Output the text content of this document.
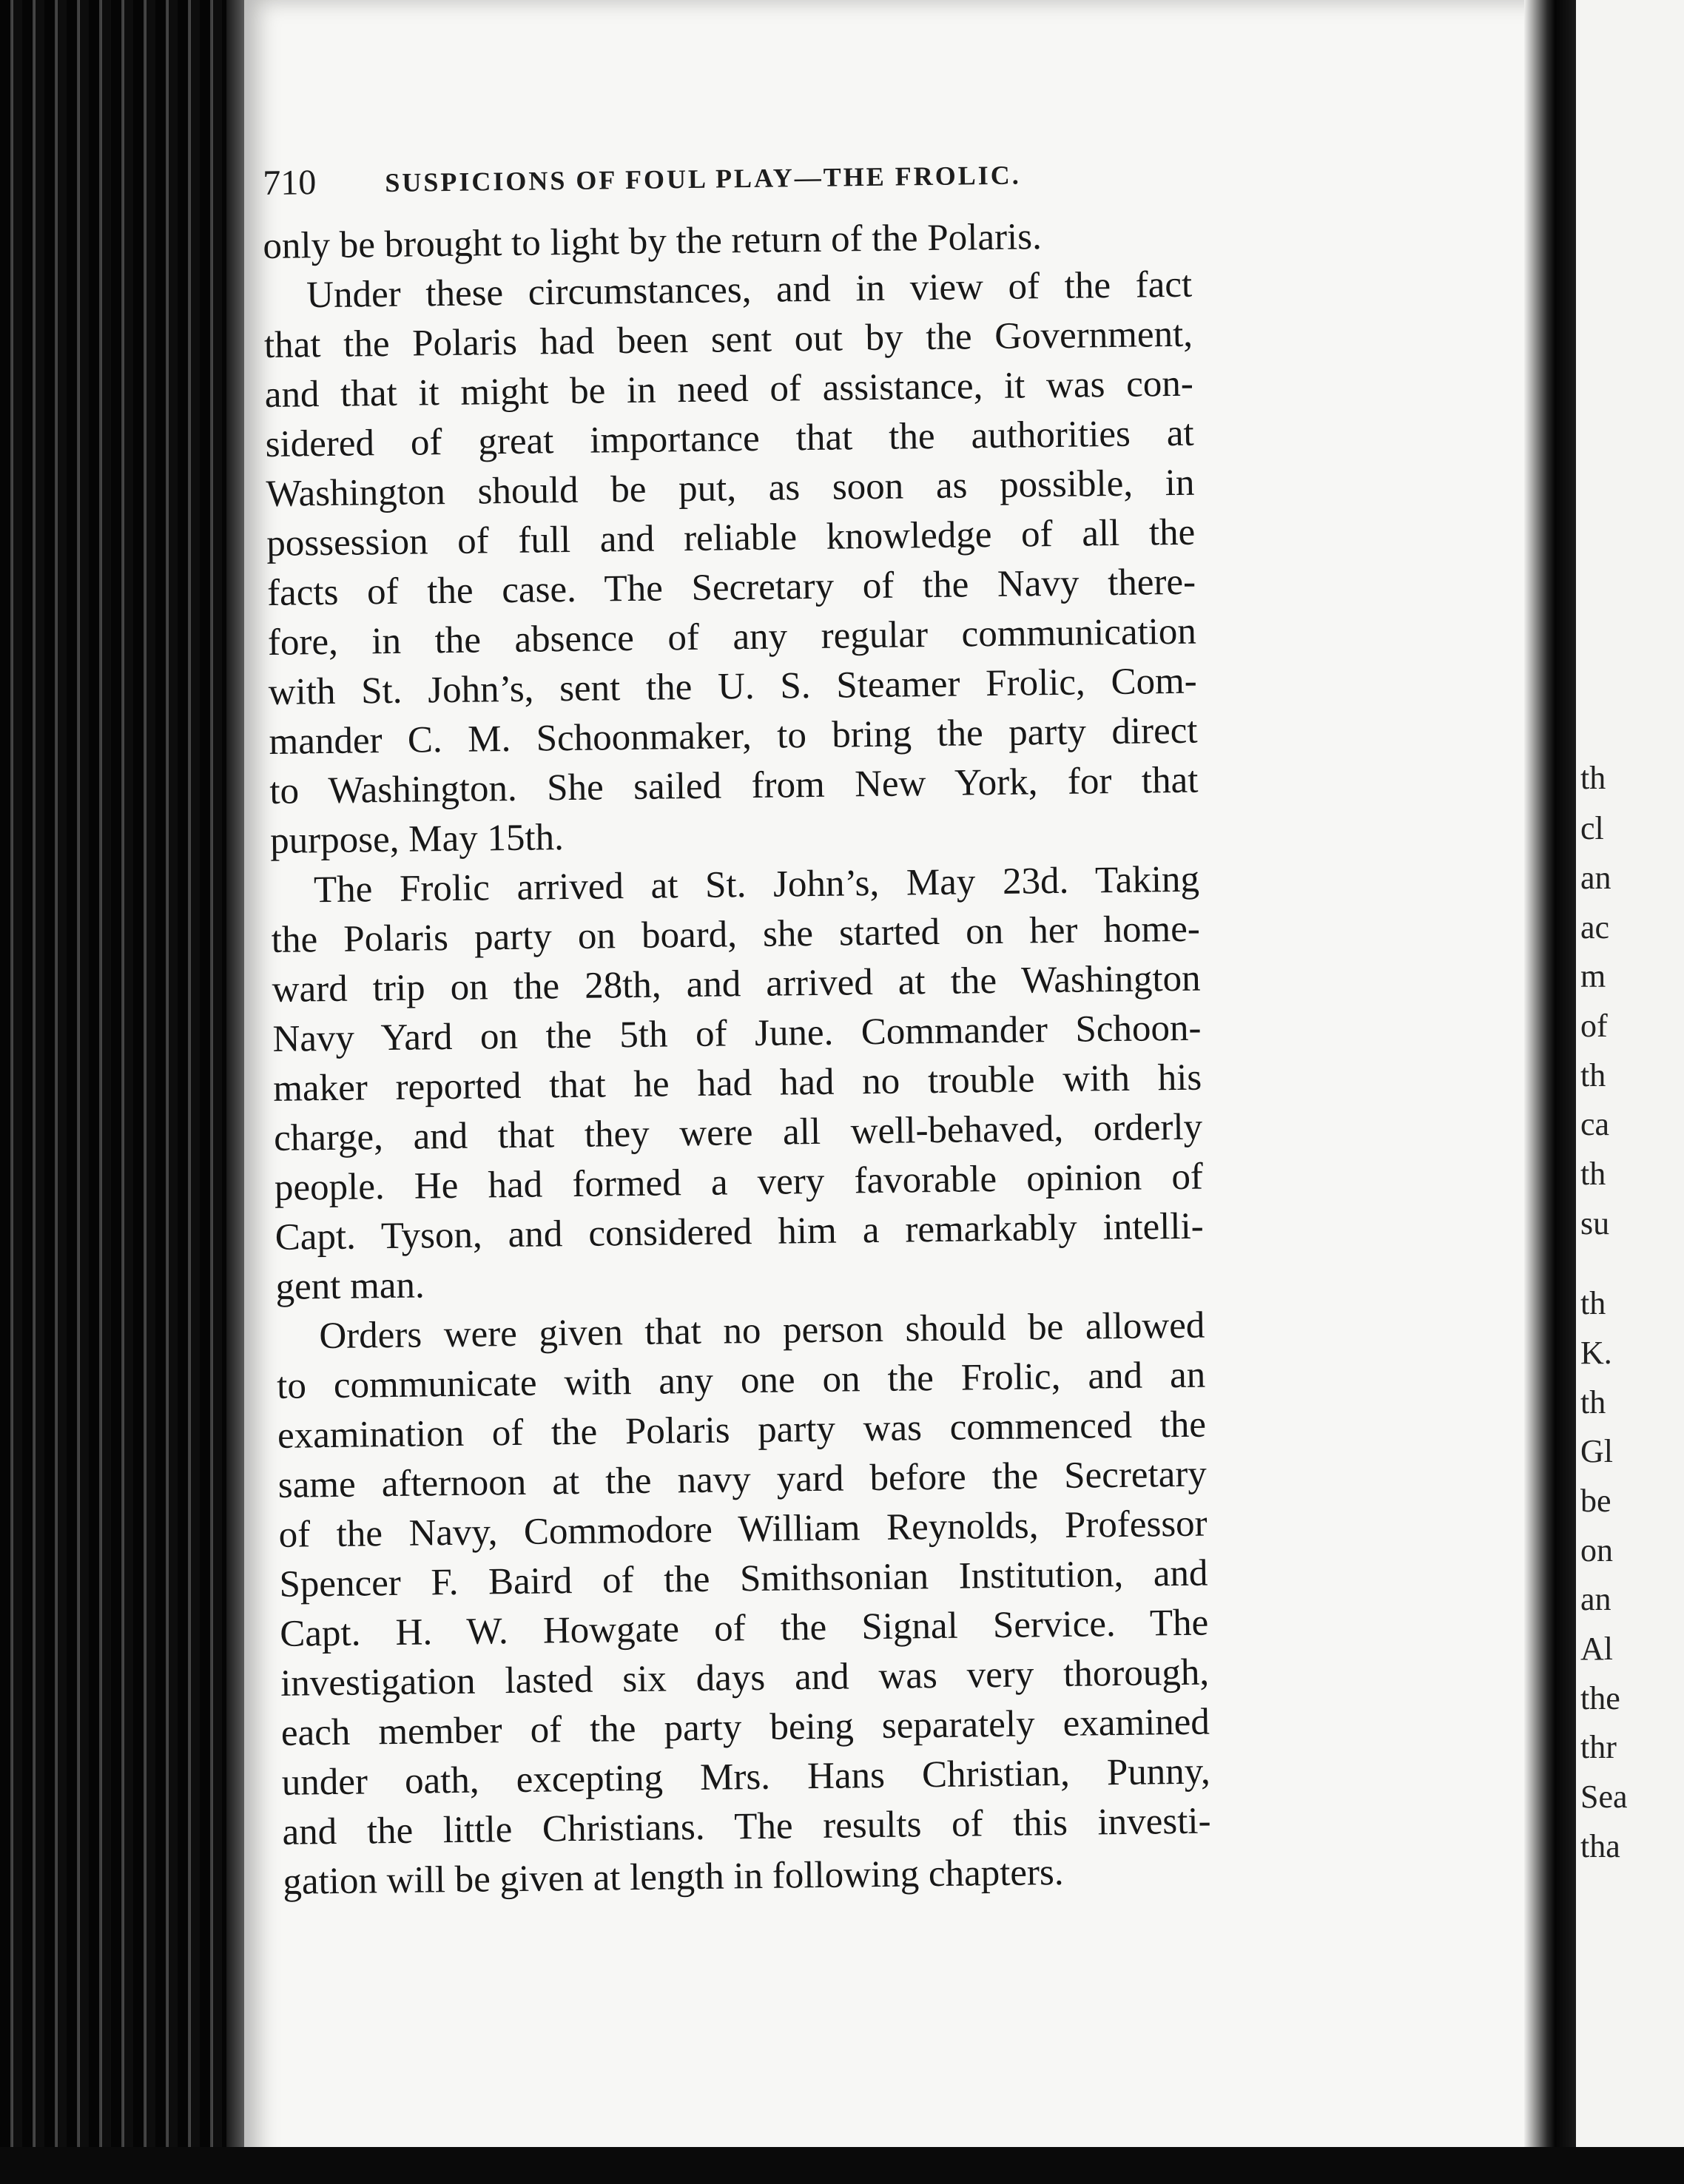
th
cl
an
ac
m
of
th
ca
th
su
th
K.
th
Gl
be
on
an
Al
the
thr
Sea
tha
710	SUSPICIONS OF FOUL PLAY—THE FROLIC.
only be brought to light by the return of the Polaris.
Under these circumstances, and in view of the fact
that the Polaris had been sent out by the Government,
and that it might be in need of assistance, it was con-
sidered of great importance that the authorities at
Washington should be put, as soon as possible, in
possession of full and reliable knowledge of all the
facts of the case. The Secretary of the Navy there-
fore, in the absence of any regular communication
with St. John’s, sent the U. S. Steamer Frolic, Com-
mander C. M. Schoonmaker, to bring the party direct
to Washington. She sailed from New York, for that
purpose, May 15th.
The Frolic arrived at St. John’s, May 23d. Taking
the Polaris party on board, she started on her home-
ward trip on the 28th, and arrived at the Washington
Navy Yard on the 5th of June. Commander Schoon-
maker reported that he had had no trouble with his
charge, and that they were all well-behaved, orderly
people. He had formed a very favorable opinion of
Capt. Tyson, and considered him a remarkably intelli-
gent man.
Orders were given that no person should be allowed
to communicate with any one on the Frolic, and an
examination of the Polaris party was commenced the
same afternoon at the navy yard before the Secretary
of the Navy, Commodore William Reynolds, Professor
Spencer F. Baird of the Smithsonian Institution, and
Capt. H. W. Howgate of the Signal Service. The
investigation lasted six days and was very thorough,
each member of the party being separately examined
under oath, excepting Mrs. Hans Christian, Punny,
and the little Christians. The results of this investi-
gation will be given at length in following chapters.
